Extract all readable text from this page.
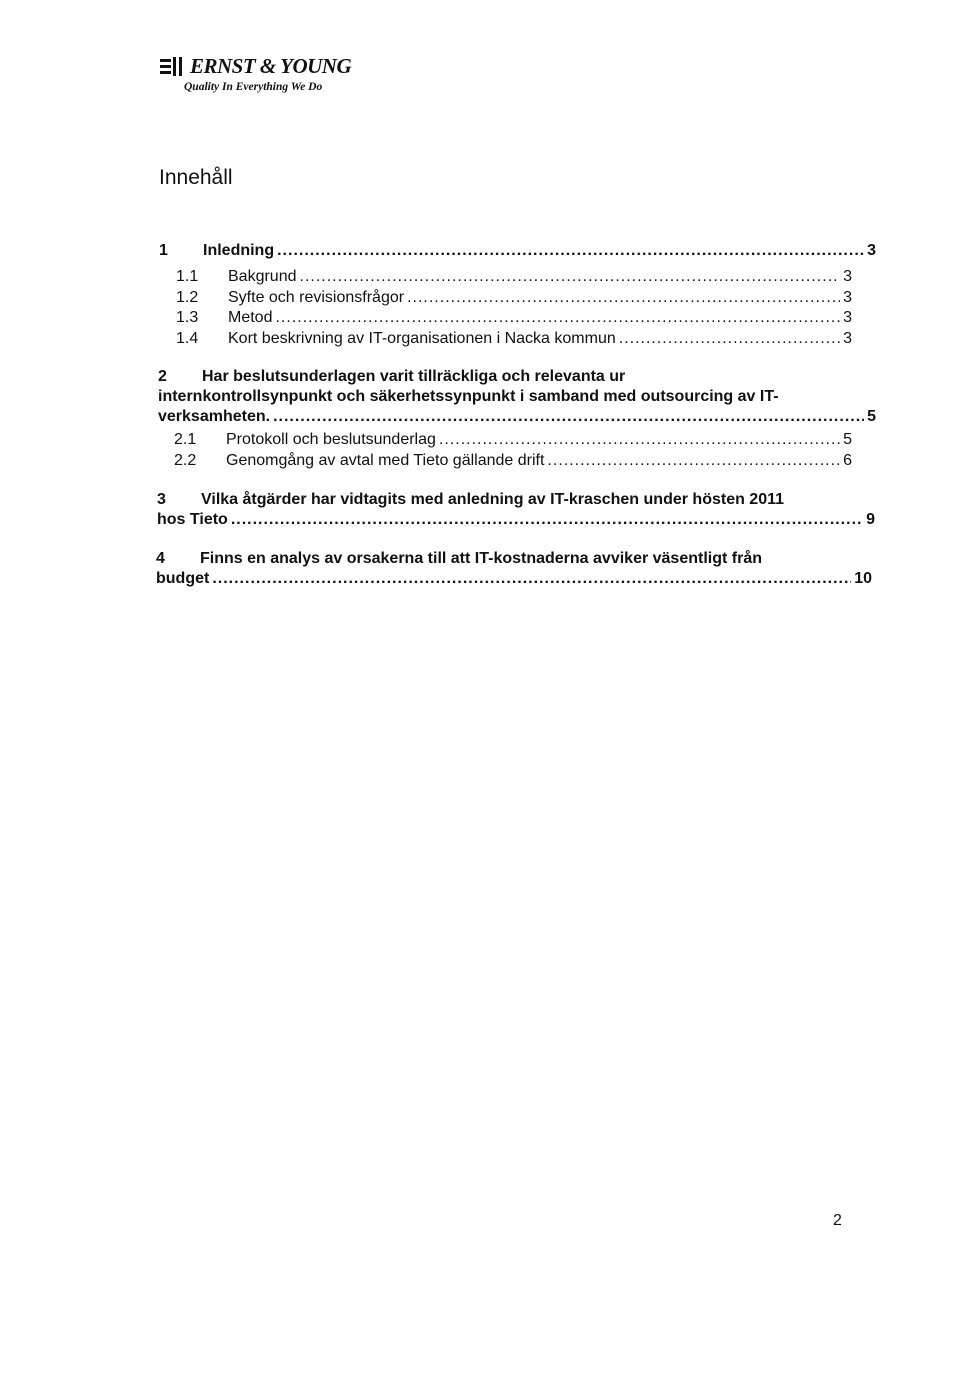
ERNST & YOUNG
Quality In Everything We Do
Innehåll
1	Inledning .....	3
1.1	Bakgrund .....	3
1.2	Syfte och revisionsfrågor .....	3
1.3	Metod .....	3
1.4	Kort beskrivning av IT-organisationen i Nacka kommun .....	3
2 Har beslutsunderlagen varit tillräckliga och relevanta ur
internkontrollsynpunkt och säkerhetssynpunkt i samband med outsourcing av IT-
verksamheten. .....	5
2.1	Protokoll och beslutsunderlag .....	5
2.2	Genomgång av avtal med Tieto gällande drift .....	6
3 Vilka åtgärder har vidtagits med anledning av IT-kraschen under hösten 2011
hos Tieto .....	9
4 Finns en analys av orsakerna till att IT-kostnaderna avviker väsentligt från
budget .....	10
2
